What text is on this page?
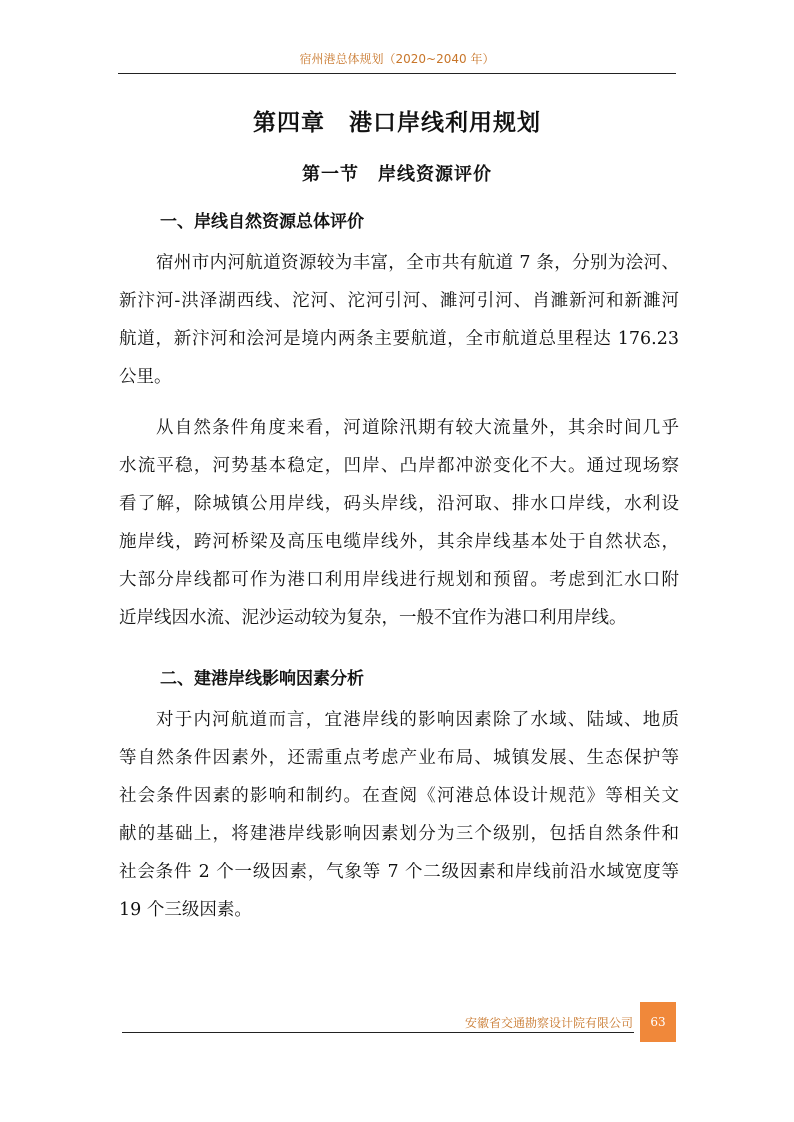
宿州港总体规划（2020~2040 年）
第四章　港口岸线利用规划
第一节　岸线资源评价
一、岸线自然资源总体评价
宿州市内河航道资源较为丰富，全市共有航道 7 条，分别为浍河、
新汴河-洪泽湖西线、沱河、沱河引河、濉河引河、肖濉新河和新濉河
航道，新汴河和浍河是境内两条主要航道，全市航道总里程达 176.23
公里。
从自然条件角度来看，河道除汛期有较大流量外，其余时间几乎
水流平稳，河势基本稳定，凹岸、凸岸都冲淤变化不大。通过现场察
看了解，除城镇公用岸线，码头岸线，沿河取、排水口岸线，水利设
施岸线，跨河桥梁及高压电缆岸线外，其余岸线基本处于自然状态，
大部分岸线都可作为港口利用岸线进行规划和预留。考虑到汇水口附
近岸线因水流、泥沙运动较为复杂，一般不宜作为港口利用岸线。
二、建港岸线影响因素分析
对于内河航道而言，宜港岸线的影响因素除了水域、陆域、地质
等自然条件因素外，还需重点考虑产业布局、城镇发展、生态保护等
社会条件因素的影响和制约。在查阅《河港总体设计规范》等相关文
献的基础上，将建港岸线影响因素划分为三个级别，包括自然条件和
社会条件 2 个一级因素，气象等 7 个二级因素和岸线前沿水域宽度等
19 个三级因素。
安徽省交通勘察设计院有限公司	63
